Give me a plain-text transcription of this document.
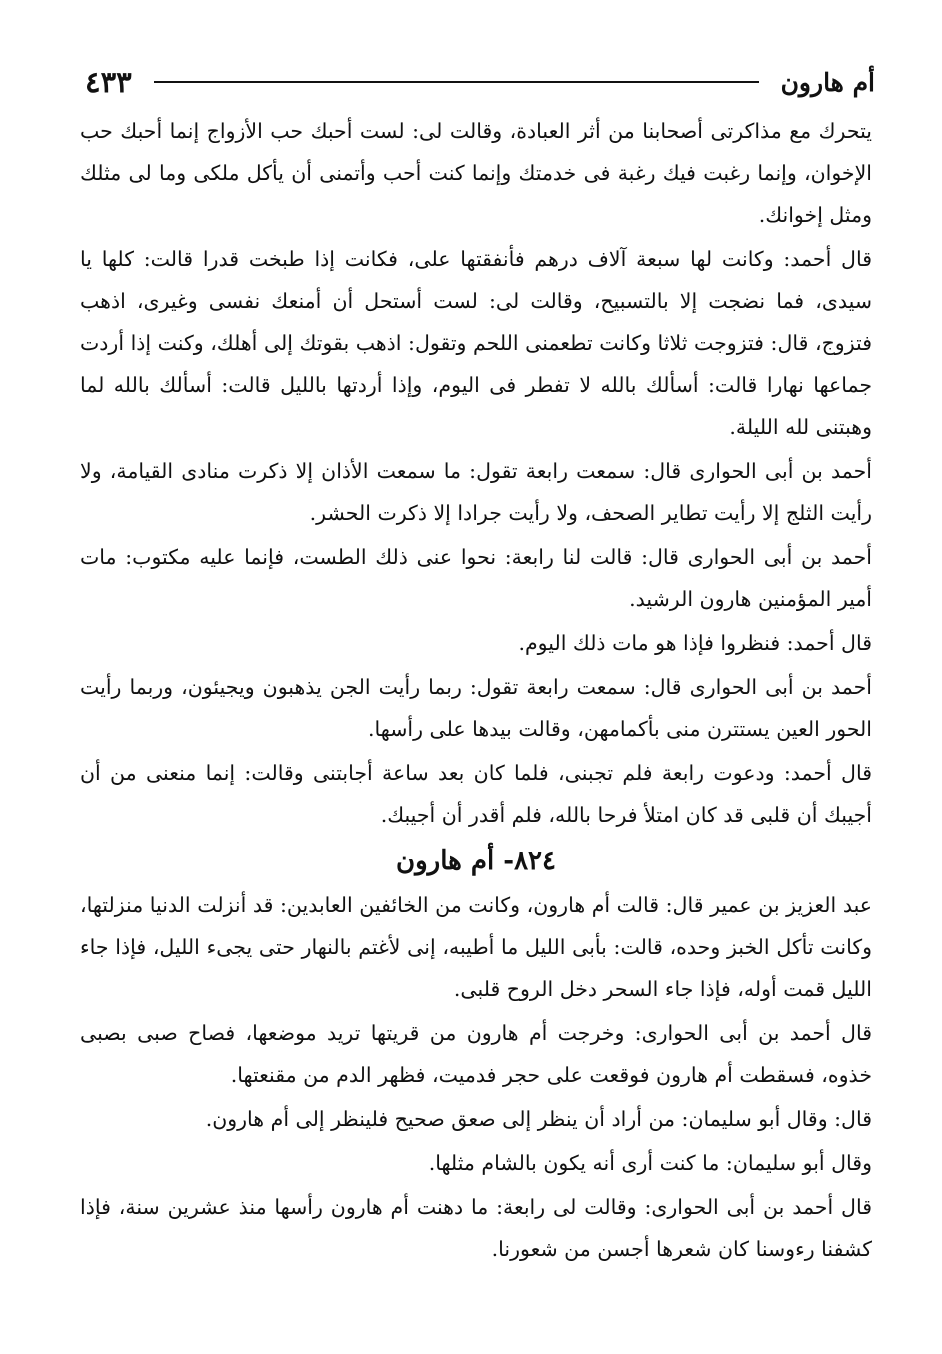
أم هارون
٤٣٣

يتحرك مع مذاكرتى أصحابنا من أثر العبادة، وقالت لى: لست أحبك حب الأزواج إنما أحبك حب الإخوان، وإنما رغبت فيك رغبة فى خدمتك وإنما كنت أحب وأتمنى أن يأكل ملكى وما لى مثلك ومثل إخوانك.

قال أحمد: وكانت لها سبعة آلاف درهم فأنفقتها على، فكانت إذا طبخت قدرا قالت: كلها يا سيدى، فما نضجت إلا بالتسبيح، وقالت لى: لست أستحل أن أمنعك نفسى وغيرى، اذهب فتزوج، قال: فتزوجت ثلاثا وكانت تطعمنى اللحم وتقول: اذهب بقوتك إلى أهلك، وكنت إذا أردت جماعها نهارا قالت: أسألك بالله لا تفطر فى اليوم، وإذا أردتها بالليل قالت: أسألك بالله لما وهبتنى لله الليلة.

أحمد بن أبى الحوارى قال: سمعت رابعة تقول: ما سمعت الأذان إلا ذكرت منادى القيامة، ولا رأيت الثلج إلا رأيت تطاير الصحف، ولا رأيت جرادا إلا ذكرت الحشر.

أحمد بن أبى الحوارى قال: قالت لنا رابعة: نحوا عنى ذلك الطست، فإنما عليه مكتوب: مات أمير المؤمنين هارون الرشيد.

قال أحمد: فنظروا فإذا هو مات ذلك اليوم.

أحمد بن أبى الحوارى قال: سمعت رابعة تقول: ربما رأيت الجن يذهبون ويجيئون، وربما رأيت الحور العين يستترن منى بأكمامهن، وقالت بيدها على رأسها.

قال أحمد: ودعوت رابعة فلم تجبنى، فلما كان بعد ساعة أجابتنى وقالت: إنما منعنى من أن أجيبك أن قلبى قد كان امتلأ فرحا بالله، فلم أقدر أن أجيبك.

٨٢٤- أم هارون

عبد العزيز بن عمير قال: قالت أم هارون، وكانت من الخائفين العابدين: قد أنزلت الدنيا منزلتها، وكانت تأكل الخبز وحده، قالت: بأبى الليل ما أطيبه، إنى لأغتم بالنهار حتى يجىء الليل، فإذا جاء الليل قمت أوله، فإذا جاء السحر دخل الروح قلبى.

قال أحمد بن أبى الحوارى: وخرجت أم هارون من قريتها تريد موضعها، فصاح صبى بصبى خذوه، فسقطت أم هارون فوقعت على حجر فدميت، فظهر الدم من مقنعتها.

قال: وقال أبو سليمان: من أراد أن ينظر إلى صعق صحيح فلينظر إلى أم هارون.

وقال أبو سليمان: ما كنت أرى أنه يكون بالشام مثلها.

قال أحمد بن أبى الحوارى: وقالت لى رابعة: ما دهنت أم هارون رأسها منذ عشرين سنة، فإذا كشفنا رءوسنا كان شعرها أجسن من شعورنا.
